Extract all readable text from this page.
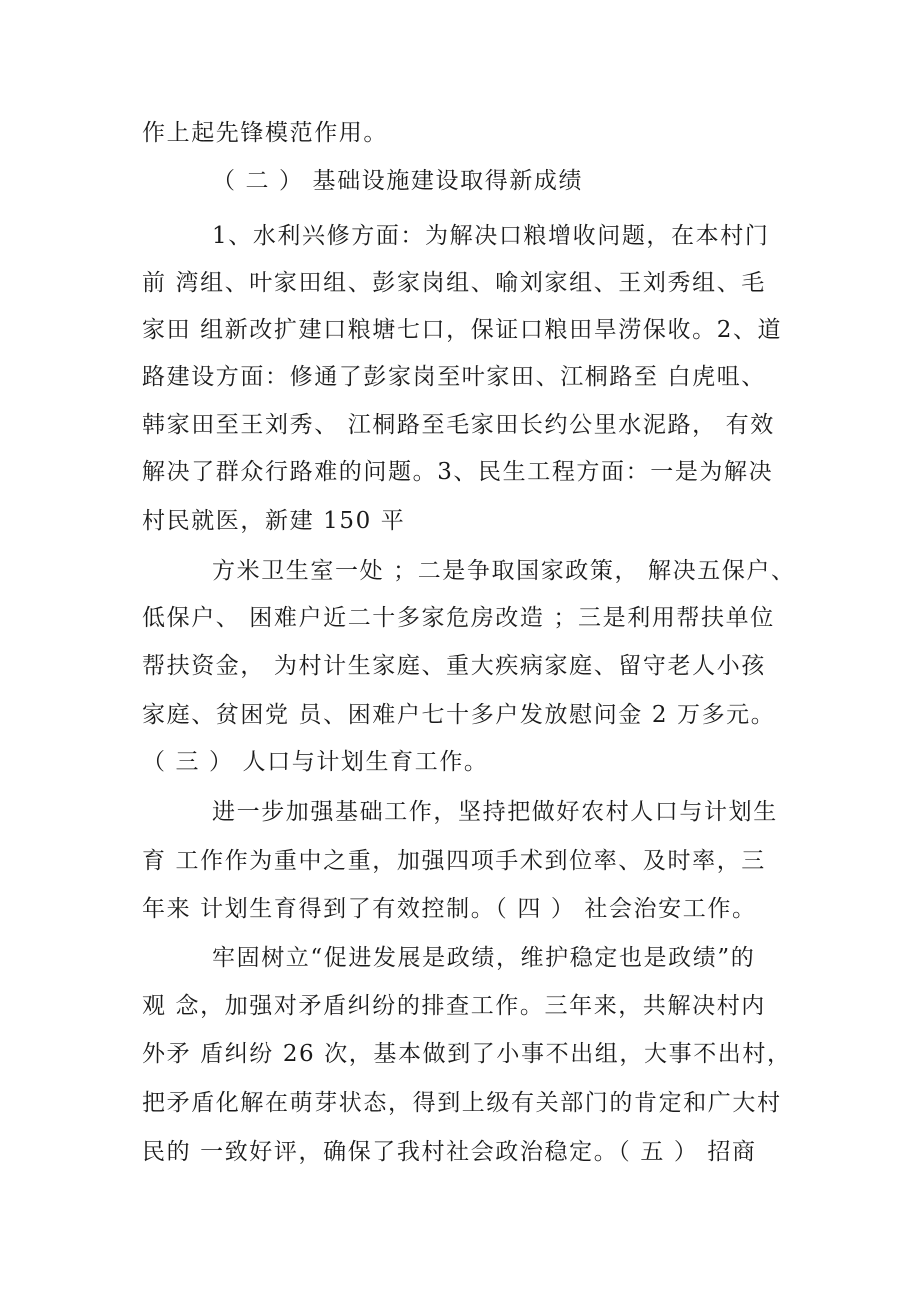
作上起先锋模范作用。
（ 二 ） 基础设施建设取得新成绩
1、水利兴修方面：为解决口粮增收问题，在本村门
前 湾组、叶家田组、彭家岗组、喻刘家组、王刘秀组、毛
家田 组新改扩建口粮塘七口，保证口粮田旱涝保收。2、道
路建设方面：修通了彭家岗至叶家田、江桐路至 白虎咀、
韩家田至王刘秀、 江桐路至毛家田长约公里水泥路， 有效
解决了群众行路难的问题。3、民生工程方面：一是为解决
村民就医，新建 150 平
方米卫生室一处 ；二是争取国家政策， 解决五保户、
低保户、 困难户近二十多家危房改造 ；三是利用帮扶单位
帮扶资金， 为村计生家庭、重大疾病家庭、留守老人小孩
家庭、贫困党 员、困难户七十多户发放慰问金 2 万多元。
（ 三 ） 人口与计划生育工作。
进一步加强基础工作，坚持把做好农村人口与计划生
育 工作作为重中之重，加强四项手术到位率、及时率，三
年来 计划生育得到了有效控制。（ 四 ） 社会治安工作。
牢固树立“促进发展是政绩，维护稳定也是政绩”的
观 念，加强对矛盾纠纷的排查工作。三年来，共解决村内
外矛 盾纠纷 26 次，基本做到了小事不出组，大事不出村，
把矛盾化解在萌芽状态，得到上级有关部门的肯定和广大村
民的 一致好评，确保了我村社会政治稳定。（ 五 ） 招商
